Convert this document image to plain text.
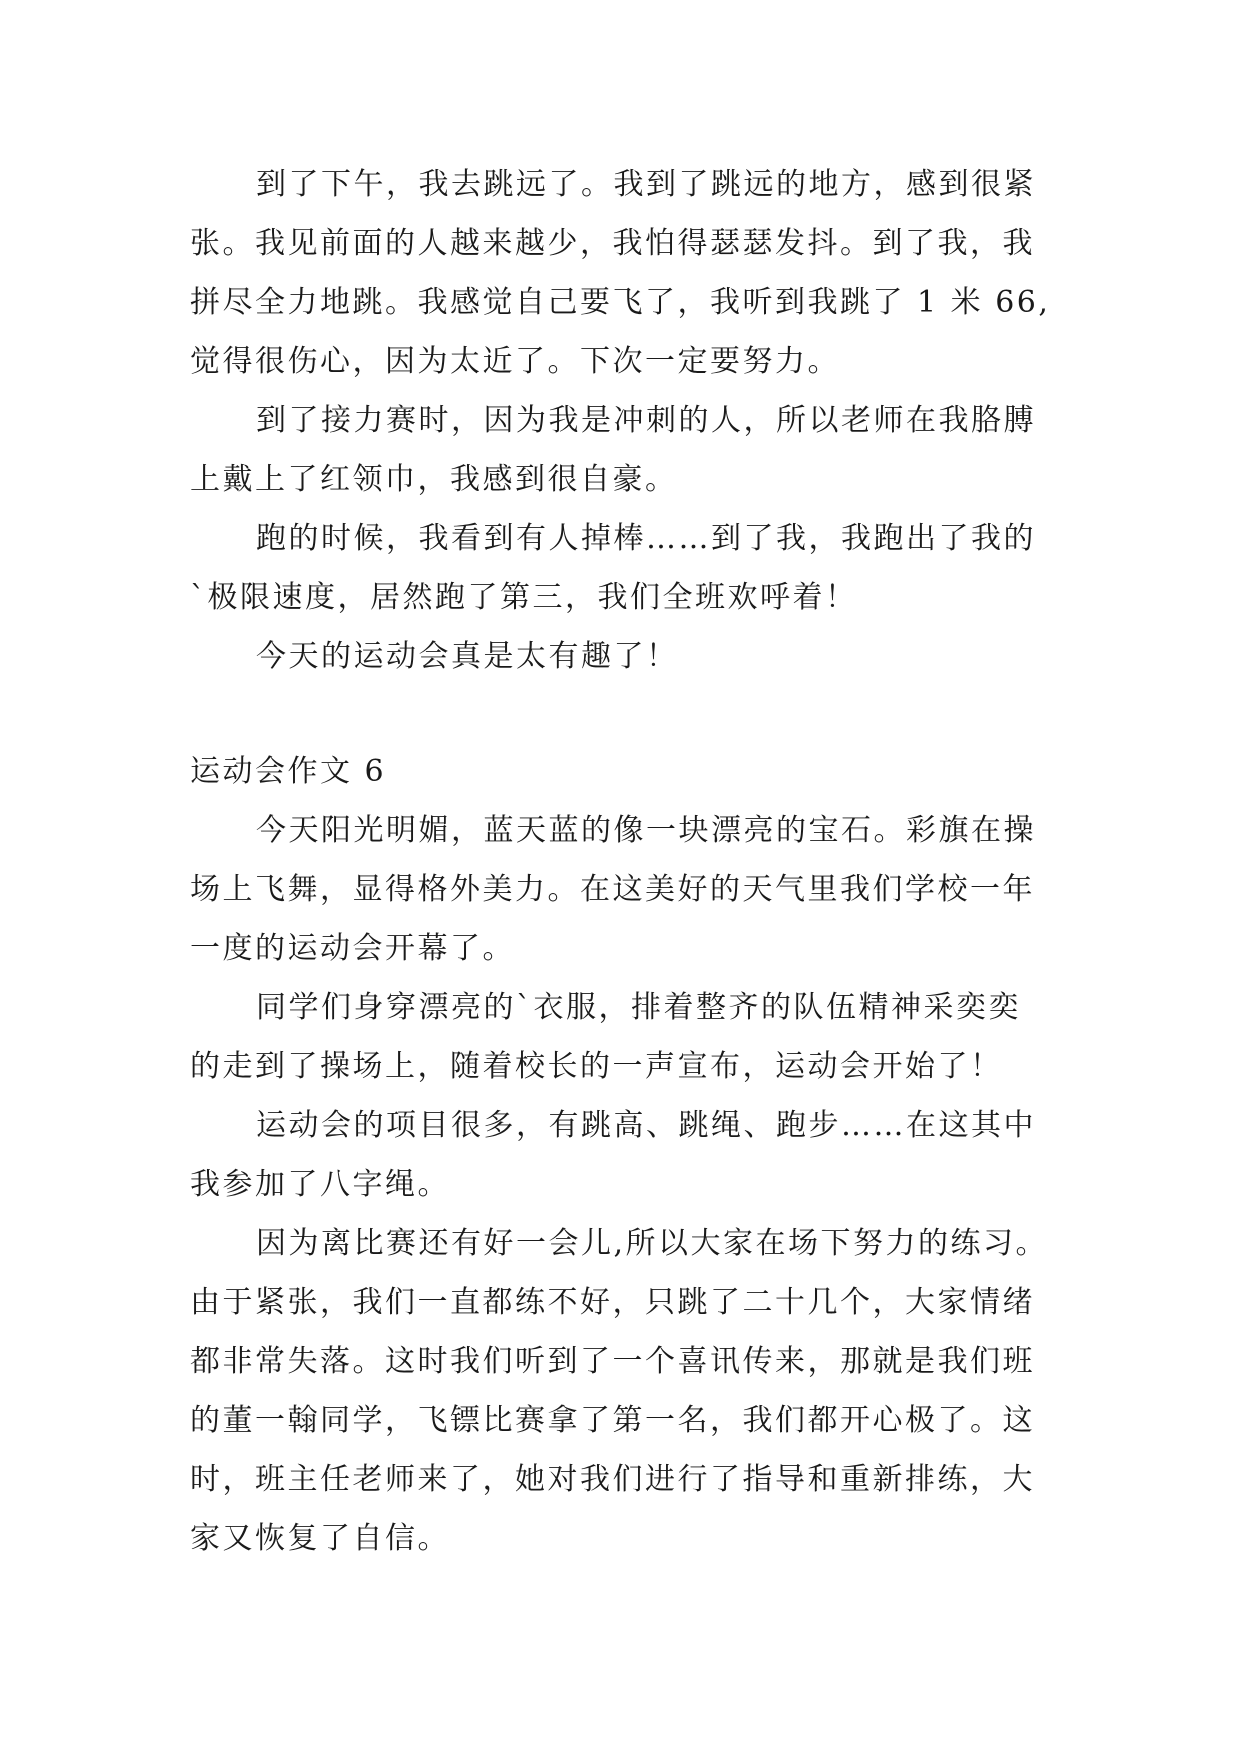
到了下午，我去跳远了。我到了跳远的地方，感到很紧
张。我见前面的人越来越少，我怕得瑟瑟发抖。到了我，我
拼尽全力地跳。我感觉自己要飞了，我听到我跳了 1 米 66,
觉得很伤心，因为太近了。下次一定要努力。
到了接力赛时，因为我是冲刺的人，所以老师在我胳膊
上戴上了红领巾，我感到很自豪。
跑的时候，我看到有人掉棒……到了我，我跑出了我的
`极限速度，居然跑了第三，我们全班欢呼着！
今天的运动会真是太有趣了！
运动会作文 6
今天阳光明媚，蓝天蓝的像一块漂亮的宝石。彩旗在操
场上飞舞，显得格外美力。在这美好的天气里我们学校一年
一度的运动会开幕了。
同学们身穿漂亮的`衣服，排着整齐的队伍精神采奕奕
的走到了操场上，随着校长的一声宣布，运动会开始了！
运动会的项目很多，有跳高、跳绳、跑步……在这其中
我参加了八字绳。
因为离比赛还有好一会儿,所以大家在场下努力的练习。
由于紧张，我们一直都练不好，只跳了二十几个，大家情绪
都非常失落。这时我们听到了一个喜讯传来，那就是我们班
的董一翰同学，飞镖比赛拿了第一名，我们都开心极了。这
时，班主任老师来了，她对我们进行了指导和重新排练，大
家又恢复了自信。
